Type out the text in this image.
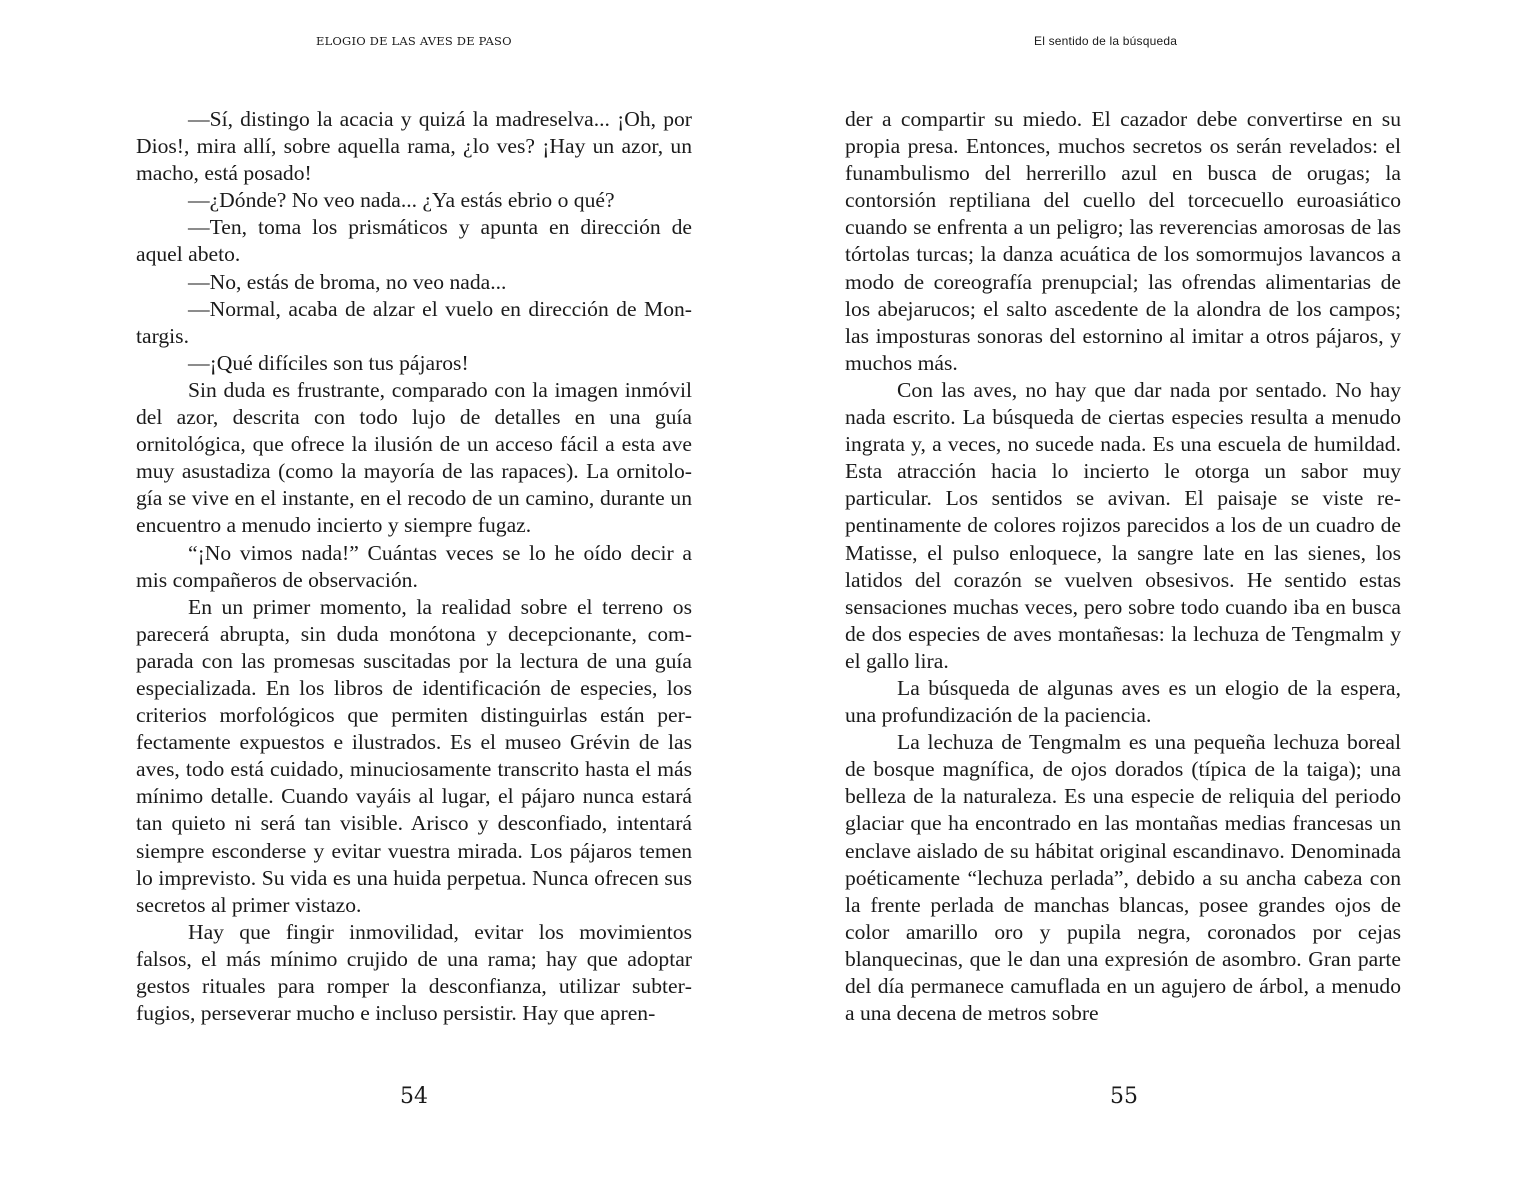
ELOGIO DE LAS AVES DE PASO

—Sí, distingo la acacia y quizá la madreselva... ¡Oh, por Dios!, mira allí, sobre aquella rama, ¿lo ves? ¡Hay un azor, un macho, está posado!

—¿Dónde? No veo nada... ¿Ya estás ebrio o qué?

—Ten, toma los prismáticos y apunta en dirección de aquel abeto.

—No, estás de broma, no veo nada...

—Normal, acaba de alzar el vuelo en dirección de Montargis.

—¡Qué difíciles son tus pájaros!

Sin duda es frustrante, comparado con la imagen inmóvil del azor, descrita con todo lujo de detalles en una guía ornitológica, que ofrece la ilusión de un acceso fácil a esta ave muy asustadiza (como la mayoría de las rapaces). La ornitología se vive en el instante, en el recodo de un camino, durante un encuentro a menudo incierto y siempre fugaz.

“¡No vimos nada!” Cuántas veces se lo he oído decir a mis compañeros de observación.

En un primer momento, la realidad sobre el terreno os parecerá abrupta, sin duda monótona y decepcionante, comparada con las promesas suscitadas por la lectura de una guía especializada. En los libros de identificación de especies, los criterios morfológicos que permiten distinguirlas están perfectamente expuestos e ilustrados. Es el museo Grévin de las aves, todo está cuidado, minuciosamente transcrito hasta el más mínimo detalle. Cuando vayáis al lugar, el pájaro nunca estará tan quieto ni será tan visible. Arisco y desconfiado, intentará siempre esconderse y evitar vuestra mirada. Los pájaros temen lo imprevisto. Su vida es una huida perpetua. Nunca ofrecen sus secretos al primer vistazo.

Hay que fingir inmovilidad, evitar los movimientos falsos, el más mínimo crujido de una rama; hay que adoptar gestos rituales para romper la desconfianza, utilizar subterfugios, perseverar mucho e incluso persistir. Hay que apren-

54
El sentido de la búsqueda

der a compartir su miedo. El cazador debe convertirse en su propia presa. Entonces, muchos secretos os serán revelados: el funambulismo del herrerillo azul en busca de orugas; la contorsión reptiliana del cuello del torcecuello euroasiático cuando se enfrenta a un peligro; las reverencias amorosas de las tórtolas turcas; la danza acuática de los somormujos lavancos a modo de coreografía prenupcial; las ofrendas alimentarias de los abejarucos; el salto ascedente de la alondra de los campos; las imposturas sonoras del estornino al imitar a otros pájaros, y muchos más.

Con las aves, no hay que dar nada por sentado. No hay nada escrito. La búsqueda de ciertas especies resulta a menudo ingrata y, a veces, no sucede nada. Es una escuela de humildad. Esta atracción hacia lo incierto le otorga un sabor muy particular. Los sentidos se avivan. El paisaje se viste repentinamente de colores rojizos parecidos a los de un cuadro de Matisse, el pulso enloquece, la sangre late en las sienes, los latidos del corazón se vuelven obsesivos. He sentido estas sensaciones muchas veces, pero sobre todo cuando iba en busca de dos especies de aves montañesas: la lechuza de Tengmalm y el gallo lira.

La búsqueda de algunas aves es un elogio de la espera, una profundización de la paciencia.

La lechuza de Tengmalm es una pequeña lechuza boreal de bosque magnífica, de ojos dorados (típica de la taiga); una belleza de la naturaleza. Es una especie de reliquia del periodo glaciar que ha encontrado en las montañas medias francesas un enclave aislado de su hábitat original escandinavo. Denominada poéticamente “lechuza perlada”, debido a su ancha cabeza con la frente perlada de manchas blancas, posee grandes ojos de color amarillo oro y pupila negra, coronados por cejas blanquecinas, que le dan una expresión de asombro. Gran parte del día permanece camuflada en un agujero de árbol, a menudo a una decena de metros sobre

55
